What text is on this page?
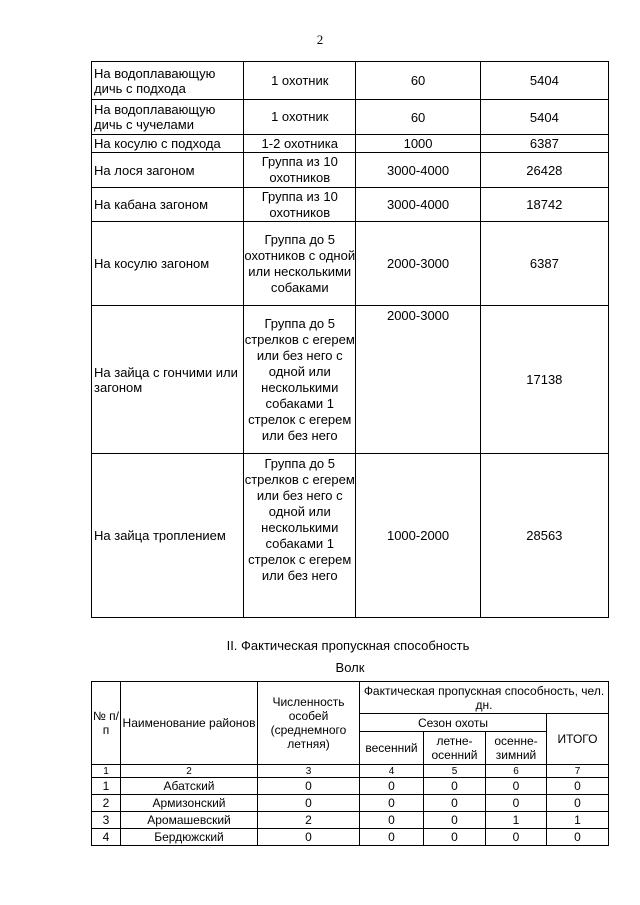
2
На водоплавающую дичь с подхода	1 охотник	60	5404
На водоплавающую дичь с чучелами	1 охотник	60	5404
На косулю с подхода	1-2 охотника	1000	6387
На лося загоном	Группа из 10 охотников	3000-4000	26428
На кабана загоном	Группа из 10 охотников	3000-4000	18742
На косулю загоном	Группа до 5 охотников с одной или несколькими собаками	2000-3000	6387
На зайца с гончими или загоном	Группа до 5 стрелков с егерем или без него с одной или несколькими собаками 1 стрелок с егерем или без него	2000-3000	17138
На зайца троплением	Группа до 5 стрелков с егерем или без него с одной или несколькими собаками 1 стрелок с егерем или без него	1000-2000	28563
II. Фактическая пропускная способность
Волк
№ п/п	Наименование районов	Численность особей (среднемного летняя)	Фактическая пропускная способность, чел. дн.			
			Сезон охоты			ИТОГО
			весенний	летне-осенний	осенне-зимний	
1	2	3	4	5	6	7
1	Абатский	0	0	0	0	0
2	Армизонский	0	0	0	0	0
3	Аромашевский	2	0	0	1	1
4	Бердюжский	0	0	0	0	0
